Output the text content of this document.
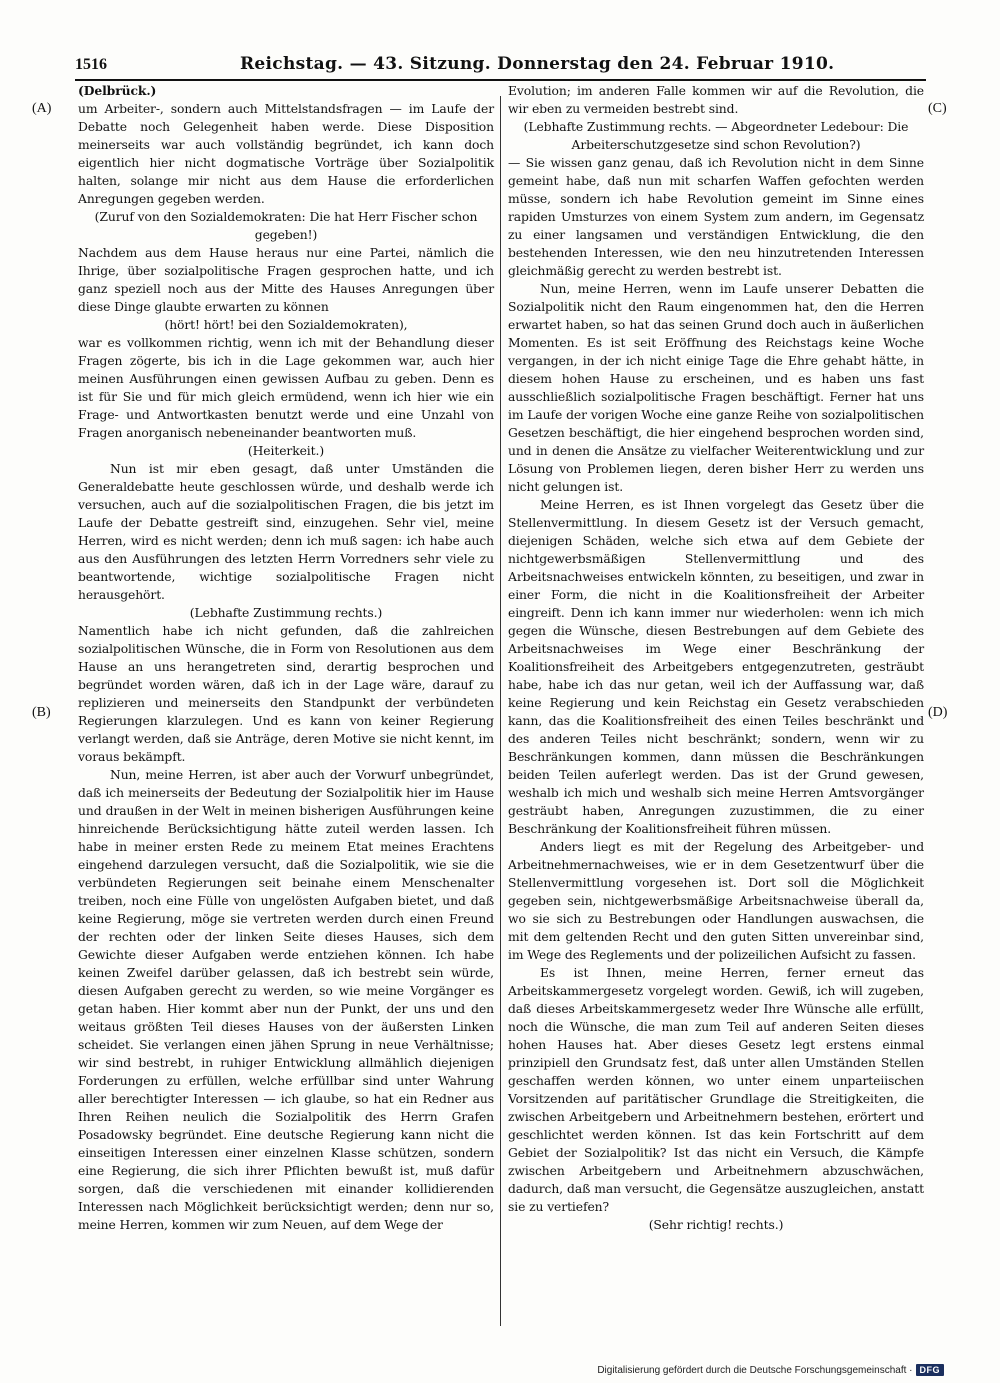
1516	Reichstag. — 43. Sitzung. Donnerstag den 24. Februar 1910.
(A)
(B)
(C)
(D)

(Delbrück.)

um Arbeiter-, sondern auch Mittelstandsfragen — im Laufe der Debatte noch Gelegenheit haben werde. Diese Disposition meinerseits war auch vollständig begründet, ich kann doch eigentlich hier nicht dogmatische Vorträge über Sozialpolitik halten, solange mir nicht aus dem Hause die erforderlichen Anregungen gegeben werden.

(Zuruf von den Sozialdemokraten: Die hat Herr Fischer schon gegeben!)

Nachdem aus dem Hause heraus nur eine Partei, nämlich die Ihrige, über sozialpolitische Fragen gesprochen hatte, und ich ganz speziell noch aus der Mitte des Hauses Anregungen über diese Dinge glaubte erwarten zu können

(hört! hört! bei den Sozialdemokraten),

war es vollkommen richtig, wenn ich mit der Behandlung dieser Fragen zögerte, bis ich in die Lage gekommen war, auch hier meinen Ausführungen einen gewissen Aufbau zu geben. Denn es ist für Sie und für mich gleich ermüdend, wenn ich hier wie ein Frage- und Antwortkasten benutzt werde und eine Unzahl von Fragen anorganisch nebeneinander beantworten muß.

(Heiterkeit.)

Nun ist mir eben gesagt, daß unter Umständen die Generaldebatte heute geschlossen würde, und deshalb werde ich versuchen, auch auf die sozialpolitischen Fragen, die bis jetzt im Laufe der Debatte gestreift sind, einzugehen. Sehr viel, meine Herren, wird es nicht werden; denn ich muß sagen: ich habe auch aus den Ausführungen des letzten Herrn Vorredners sehr viele zu beantwortende, wichtige sozialpolitische Fragen nicht herausgehört.

(Lebhafte Zustimmung rechts.)

Namentlich habe ich nicht gefunden, daß die zahlreichen sozialpolitischen Wünsche, die in Form von Resolutionen aus dem Hause an uns herangetreten sind, derartig besprochen und begründet worden wären, daß ich in der Lage wäre, darauf zu replizieren und meinerseits den Standpunkt der verbündeten Regierungen klarzulegen. Und es kann von keiner Regierung verlangt werden, daß sie Anträge, deren Motive sie nicht kennt, im voraus bekämpft.

Nun, meine Herren, ist aber auch der Vorwurf unbegründet, daß ich meinerseits der Bedeutung der Sozialpolitik hier im Hause und draußen in der Welt in meinen bisherigen Ausführungen keine hinreichende Berücksichtigung hätte zuteil werden lassen. Ich habe in meiner ersten Rede zu meinem Etat meines Erachtens eingehend darzulegen versucht, daß die Sozialpolitik, wie sie die verbündeten Regierungen seit beinahe einem Menschenalter treiben, noch eine Fülle von ungelösten Aufgaben bietet, und daß keine Regierung, möge sie vertreten werden durch einen Freund der rechten oder der linken Seite dieses Hauses, sich dem Gewichte dieser Aufgaben werde entziehen können. Ich habe keinen Zweifel darüber gelassen, daß ich bestrebt sein würde, diesen Aufgaben gerecht zu werden, so wie meine Vorgänger es getan haben. Hier kommt aber nun der Punkt, der uns und den weitaus größten Teil dieses Hauses von der äußersten Linken scheidet. Sie verlangen einen jähen Sprung in neue Verhältnisse; wir sind bestrebt, in ruhiger Entwicklung allmählich diejenigen Forderungen zu erfüllen, welche erfüllbar sind unter Wahrung aller berechtigter Interessen — ich glaube, so hat ein Redner aus Ihren Reihen neulich die Sozialpolitik des Herrn Grafen Posadowsky begründet. Eine deutsche Regierung kann nicht die einseitigen Interessen einer einzelnen Klasse schützen, sondern eine Regierung, die sich ihrer Pflichten bewußt ist, muß dafür sorgen, daß die verschiedenen mit einander kollidierenden Interessen nach Möglichkeit berücksichtigt werden; denn nur so, meine Herren, kommen wir zum Neuen, auf dem Wege der

Evolution; im anderen Falle kommen wir auf die Revolution, die wir eben zu vermeiden bestrebt sind.

(Lebhafte Zustimmung rechts. — Abgeordneter Ledebour: Die Arbeiterschutzgesetze sind schon Revolution?)

— Sie wissen ganz genau, daß ich Revolution nicht in dem Sinne gemeint habe, daß nun mit scharfen Waffen gefochten werden müsse, sondern ich habe Revolution gemeint im Sinne eines rapiden Umsturzes von einem System zum andern, im Gegensatz zu einer langsamen und verständigen Entwicklung, die den bestehenden Interessen, wie den neu hinzutretenden Interessen gleichmäßig gerecht zu werden bestrebt ist.

Nun, meine Herren, wenn im Laufe unserer Debatten die Sozialpolitik nicht den Raum eingenommen hat, den die Herren erwartet haben, so hat das seinen Grund doch auch in äußerlichen Momenten. Es ist seit Eröffnung des Reichstags keine Woche vergangen, in der ich nicht einige Tage die Ehre gehabt hätte, in diesem hohen Hause zu erscheinen, und es haben uns fast ausschließlich sozialpolitische Fragen beschäftigt. Ferner hat uns im Laufe der vorigen Woche eine ganze Reihe von sozialpolitischen Gesetzen beschäftigt, die hier eingehend besprochen worden sind, und in denen die Ansätze zu vielfacher Weiterentwicklung und zur Lösung von Problemen liegen, deren bisher Herr zu werden uns nicht gelungen ist.

Meine Herren, es ist Ihnen vorgelegt das Gesetz über die Stellenvermittlung. In diesem Gesetz ist der Versuch gemacht, diejenigen Schäden, welche sich etwa auf dem Gebiete der nichtgewerbsmäßigen Stellenvermittlung und des Arbeitsnachweises entwickeln könnten, zu beseitigen, und zwar in einer Form, die nicht in die Koalitionsfreiheit der Arbeiter eingreift. Denn ich kann immer nur wiederholen: wenn ich mich gegen die Wünsche, diesen Bestrebungen auf dem Gebiete des Arbeitsnachweises im Wege einer Beschränkung der Koalitionsfreiheit des Arbeitgebers entgegenzutreten, gesträubt habe, habe ich das nur getan, weil ich der Auffassung war, daß keine Regierung und kein Reichstag ein Gesetz verabschieden kann, das die Koalitionsfreiheit des einen Teiles beschränkt und des anderen Teiles nicht beschränkt; sondern, wenn wir zu Beschränkungen kommen, dann müssen die Beschränkungen beiden Teilen auferlegt werden. Das ist der Grund gewesen, weshalb ich mich und weshalb sich meine Herren Amtsvorgänger gesträubt haben, Anregungen zuzustimmen, die zu einer Beschränkung der Koalitionsfreiheit führen müssen.

Anders liegt es mit der Regelung des Arbeitgeber- und Arbeitnehmernachweises, wie er in dem Gesetzentwurf über die Stellenvermittlung vorgesehen ist. Dort soll die Möglichkeit gegeben sein, nichtgewerbsmäßige Arbeitsnachweise überall da, wo sie sich zu Bestrebungen oder Handlungen auswachsen, die mit dem geltenden Recht und den guten Sitten unvereinbar sind, im Wege des Reglements und der polizeilichen Aufsicht zu fassen.

Es ist Ihnen, meine Herren, ferner erneut das Arbeitskammergesetz vorgelegt worden. Gewiß, ich will zugeben, daß dieses Arbeitskammergesetz weder Ihre Wünsche alle erfüllt, noch die Wünsche, die man zum Teil auf anderen Seiten dieses hohen Hauses hat. Aber dieses Gesetz legt erstens einmal prinzipiell den Grundsatz fest, daß unter allen Umständen Stellen geschaffen werden können, wo unter einem unparteiischen Vorsitzenden auf paritätischer Grundlage die Streitigkeiten, die zwischen Arbeitgebern und Arbeitnehmern bestehen, erörtert und geschlichtet werden können. Ist das kein Fortschritt auf dem Gebiet der Sozialpolitik? Ist das nicht ein Versuch, die Kämpfe zwischen Arbeitgebern und Arbeitnehmern abzuschwächen, dadurch, daß man versucht, die Gegensätze auszugleichen, anstatt sie zu vertiefen?

(Sehr richtig! rechts.)

Digitalisierung gefördert durch die Deutsche Forschungsgemeinschaft · DFG
